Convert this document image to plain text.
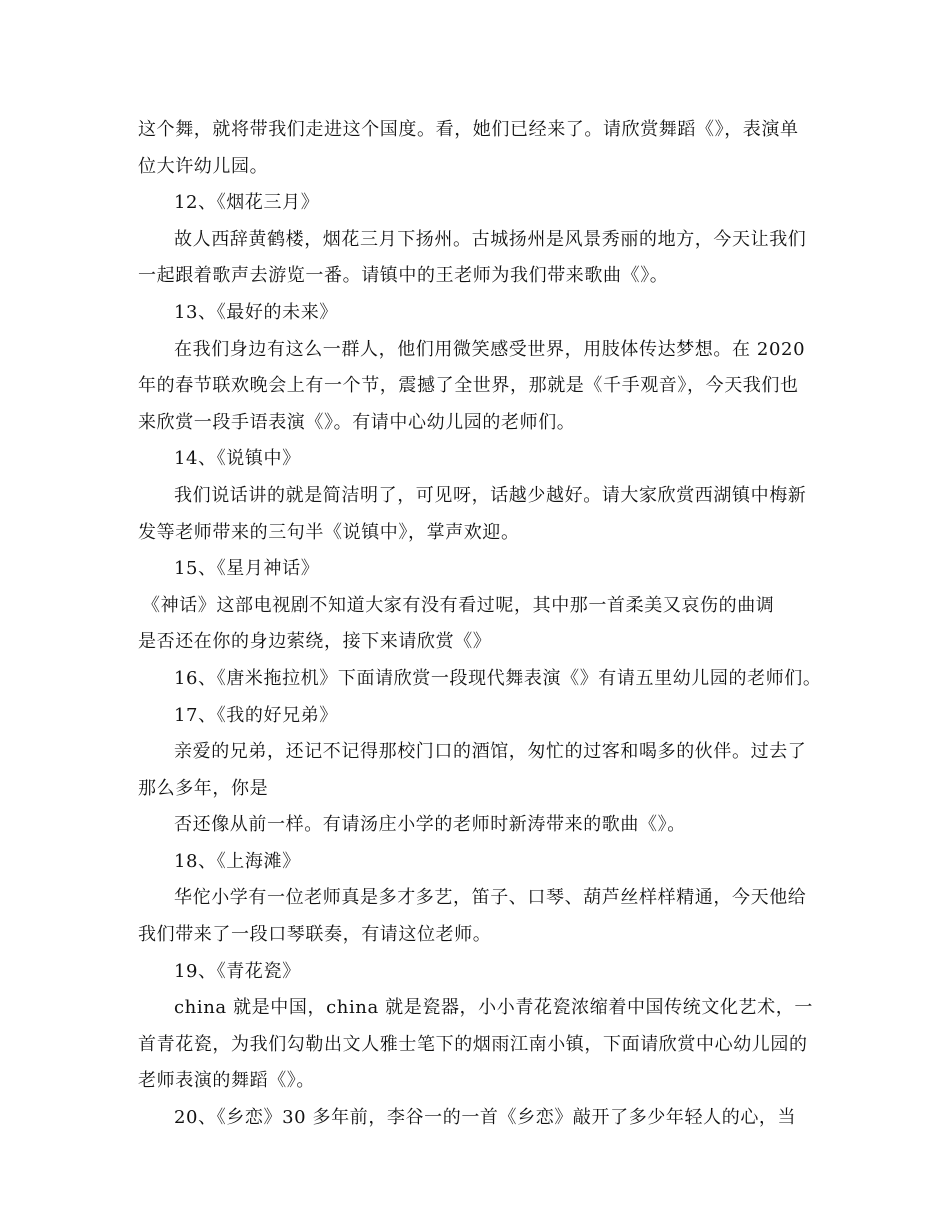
这个舞，就将带我们走进这个国度。看，她们已经来了。请欣赏舞蹈《》，表演单
位大许幼儿园。
12、《烟花三月》
故人西辞黄鹤楼，烟花三月下扬州。古城扬州是风景秀丽的地方，今天让我们
一起跟着歌声去游览一番。请镇中的王老师为我们带来歌曲《》。
13、《最好的未来》
在我们身边有这么一群人，他们用微笑感受世界，用肢体传达梦想。在 2020
年的春节联欢晚会上有一个节，震撼了全世界，那就是《千手观音》，今天我们也
来欣赏一段手语表演《》。有请中心幼儿园的老师们。
14、《说镇中》
我们说话讲的就是简洁明了，可见呀，话越少越好。请大家欣赏西湖镇中梅新
发等老师带来的三句半《说镇中》，掌声欢迎。
15、《星月神话》
《神话》这部电视剧不知道大家有没有看过呢，其中那一首柔美又哀伤的曲调
是否还在你的身边萦绕，接下来请欣赏《》
16、《唐米拖拉机》下面请欣赏一段现代舞表演《》有请五里幼儿园的老师们。
17、《我的好兄弟》
亲爱的兄弟，还记不记得那校门口的酒馆，匆忙的过客和喝多的伙伴。过去了
那么多年，你是
否还像从前一样。有请汤庄小学的老师时新涛带来的歌曲《》。
18、《上海滩》
华佗小学有一位老师真是多才多艺，笛子、口琴、葫芦丝样样精通，今天他给
我们带来了一段口琴联奏，有请这位老师。
19、《青花瓷》
china 就是中国，china 就是瓷器，小小青花瓷浓缩着中国传统文化艺术，一
首青花瓷，为我们勾勒出文人雅士笔下的烟雨江南小镇，下面请欣赏中心幼儿园的
老师表演的舞蹈《》。
20、《乡恋》30 多年前，李谷一的一首《乡恋》敲开了多少年轻人的心，当
